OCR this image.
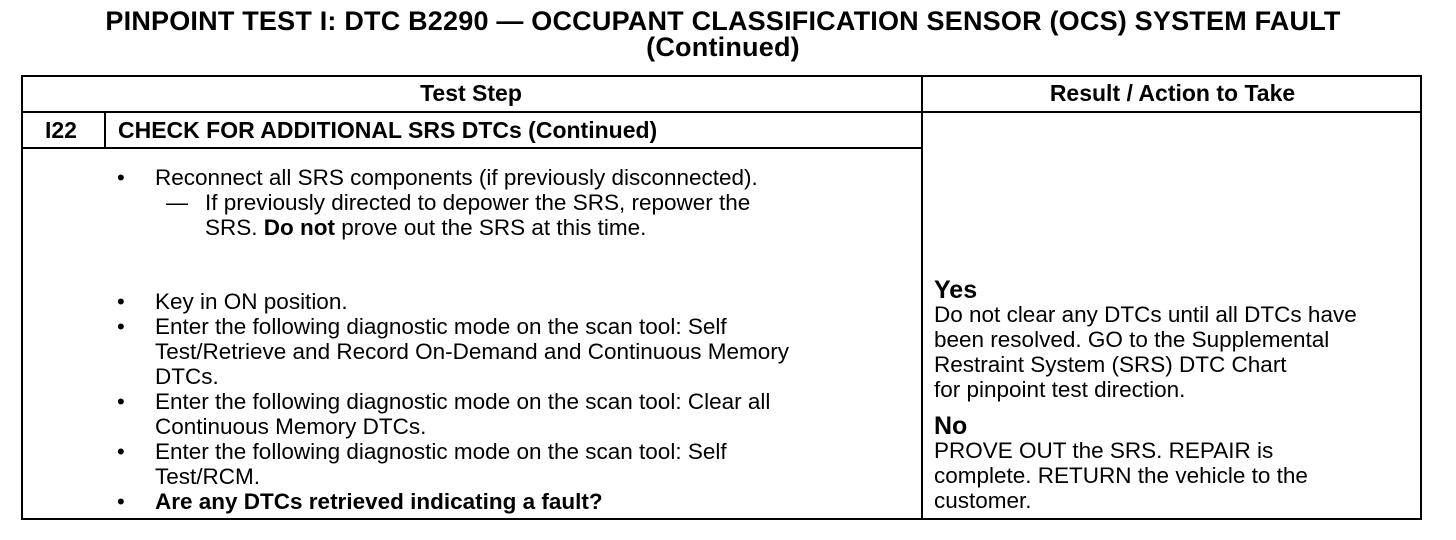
PINPOINT TEST I: DTC B2290 — OCCUPANT CLASSIFICATION SENSOR (OCS) SYSTEM FAULT
(Continued)
Test Step	Result / Action to Take
I22 CHECK FOR ADDITIONAL SRS DTCs (Continued)
• Reconnect all SRS components (if previously disconnected).
— If previously directed to depower the SRS, repower the
SRS. Do not prove out the SRS at this time.
• Key in ON position.
• Enter the following diagnostic mode on the scan tool: Self
Test/Retrieve and Record On-Demand and Continuous Memory
DTCs.
• Enter the following diagnostic mode on the scan tool: Clear all
Continuous Memory DTCs.
• Enter the following diagnostic mode on the scan tool: Self
Test/RCM.
• Are any DTCs retrieved indicating a fault?
Yes
Do not clear any DTCs until all DTCs have
been resolved. GO to the Supplemental
Restraint System (SRS) DTC Chart
for pinpoint test direction.
No
PROVE OUT the SRS. REPAIR is
complete. RETURN the vehicle to the
customer.
